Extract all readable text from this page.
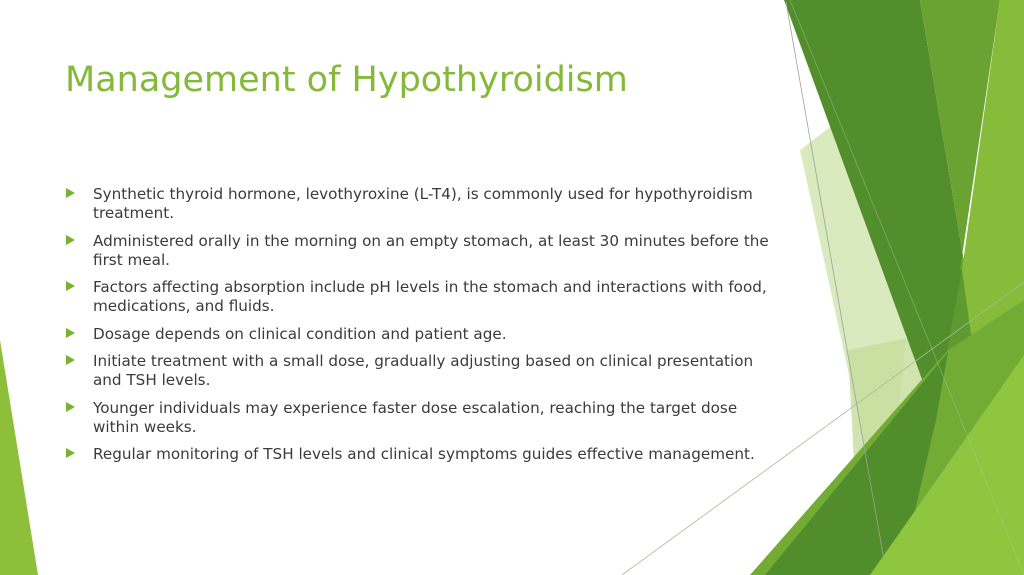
Management of Hypothyroidism
Synthetic thyroid hormone, levothyroxine (L-T4), is commonly used for hypothyroidism treatment.
Administered orally in the morning on an empty stomach, at least 30 minutes before the first meal.
Factors affecting absorption include pH levels in the stomach and interactions with food, medications, and fluids.
Dosage depends on clinical condition and patient age.
Initiate treatment with a small dose, gradually adjusting based on clinical presentation and TSH levels.
Younger individuals may experience faster dose escalation, reaching the target dose within weeks.
Regular monitoring of TSH levels and clinical symptoms guides effective management.
